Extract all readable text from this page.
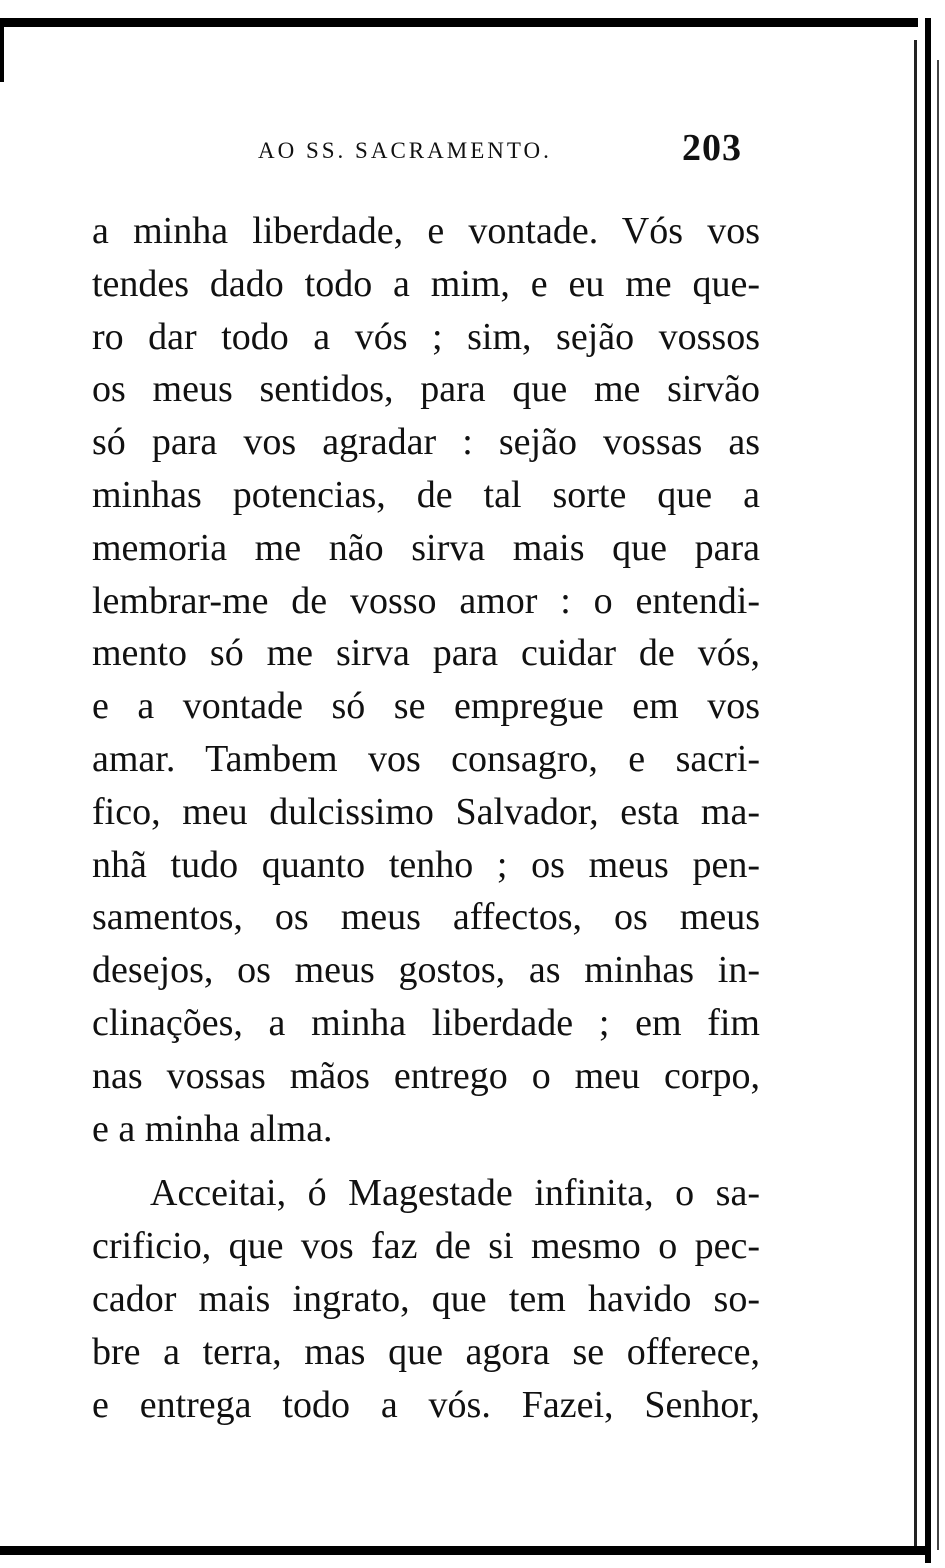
AO SS. SACRAMENTO.	203
a minha liberdade, e vontade. Vós vos
tendes dado todo a mim, e eu me que-
ro dar todo a vós ; sim, sejão vossos
os meus sentidos, para que me sirvão
só para vos agradar : sejão vossas as
minhas potencias, de tal sorte que a
memoria me não sirva mais que para
lembrar-me de vosso amor : o entendi-
mento só me sirva para cuidar de vós,
e a vontade só se empregue em vos
amar. Tambem vos consagro, e sacri-
fico, meu dulcissimo Salvador, esta ma-
nhã tudo quanto tenho ; os meus pen-
samentos, os meus affectos, os meus
desejos, os meus gostos, as minhas in-
clinações, a minha liberdade ; em fim
nas vossas mãos entrego o meu corpo,
e a minha alma.
Acceitai, ó Magestade infinita, o sa-
crificio, que vos faz de si mesmo o pec-
cador mais ingrato, que tem havido so-
bre a terra, mas que agora se offerece,
e entrega todo a vós. Fazei, Senhor,
